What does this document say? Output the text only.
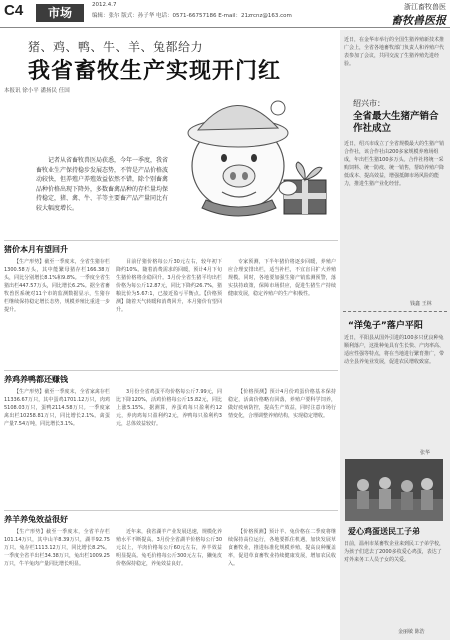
C4	市场
2012.4.7
编辑：张尔 版式：孙子华 电话：0571-66757186 E-mail：21zrcnz@163.com
浙江畜牧兽医
畜牧兽医报
猪、鸡、鸭、牛、羊、兔都给力
我省畜牧生产实现开门红
本报讯 徐小平 潘扬民 任国
记者从省畜牧兽医局获悉，今年一季度，我省畜牧业生产保持稳步发展态势，不管是产品价格波动较快，但养殖户养殖效益依然不错，除个别畜禽品种价格出现下降外，多数畜禽品种的存栏量均保持稳定，猪、禽、牛、羊等主要畜产品产量同比有较大幅度增长。
猪价本月有望回升
【生产形势】截至一季度末，全省生猪存栏1300.58万头，其中能繁母猪存栏166.38万头，同比分别增长8.1%和9.8%。一季度全省生猪出栏447.57万头，同比增长6.2%。据全省畜牧兽医系统对11个市的监测数据显示，生猪存栏继续保持稳定增长态势，规模养殖比重进一步提升。
目前仔猪价格每公斤30元左右，较年初下降约10%。随着消费需求的回暖，预计4月下旬生猪价格将企稳回升。3月份全省生猪平均出栏价格为每公斤12.87元，同比下降约26.7%，猪粮比价为5.67:1，已接近盈亏平衡点。【价格预测】随着天气转暖和消费回升，本月猪价有望回升。
专家预测，下半年猪价将逐步回暖，养殖户应合理安排出栏，适当补栏，不宜盲目扩大养殖规模。同时，各地要加强生猪产销监测预警，落实扶持政策，保障市场供应，促进生猪生产持续健康发展，稳定养殖户的生产积极性。
养鸡养鸭都还赚钱
【生产形势】截至一季度末，全省家禽存栏11336.67万只，其中蛋鸡1701.12万只，肉鸡5108.03万只，蛋鸭2114.58万只。一季度家禽出栏10258.81万只，同比增长2.1%。禽蛋产量7.54万吨，同比增长3.1%。
3月份全省鸡蛋平均价格每公斤7.99元，同比下降120%，活鸡价格每公斤15.82元，同比上涨5.15%。据测算，养蛋鸡每只盈利约12元，养肉鸡每只盈利约2元，养鸭每只盈利约3元，总体效益较好。
【价格预测】预计4月份鸡蛋价格基本保持稳定，活禽价格略有回落，养殖户要科学饲养，做好疫病防控，提高生产效益，同时注意市场行情变化，合理调整养殖结构，实现稳定增收。
养羊养兔效益很好
【生产形势】截至一季度末，全省羊存栏101.14万只，其中山羊8.39万只，湖羊92.75万只。兔存栏1113.12万只，同比增长8.2%。一季度全省羊出栏34.38万只，兔出栏1009.25万只，牛羊兔肉产量同比增长明显。
近年来，我省湖羊产业发展迅速，规模化养殖水平不断提高。3月份全省湖羊价格每公斤30元以上，羊肉价格每公斤60元左右，养羊效益明显提高。兔毛价格每公斤300元左右，獭兔皮价格保持稳定，养兔效益良好。
【价格预测】预计羊、兔价格在二季度将继续保持高位运行，各地要抓住机遇，加快发展草食畜牧业，推进标准化规模养殖，提高良种覆盖率，促进草食畜牧业持续健康发展，增加农民收入。
近日，在金华市举行的全国生猪养殖新技术推广会上，全省各地畜牧部门负责人和养殖户代表参加了会议，共同交流了生猪养殖先进经验。
绍兴市：
全省最大生猪产销合作社成立
近日，绍兴市成立了全省规模最大的生猪产销合作社，该合作社由200多家规模养殖场组成，年出栏生猪100多万头。合作社将统一采购饲料、统一防疫、统一销售，帮助养殖户降低成本、提高效益，增强抵御市场风险的能力，推进生猪产业化经营。
钱鑫 王林
“洋兔子”落户平阳
近日，平阳县从国外引进的100多只优良种兔顺利落户，这批种兔具有生长快、产肉率高、适应性强等特点，将在当地进行繁育推广，带动全县养兔业发展，促进农民增收致富。
张华
爱心鸡蛋送民工子弟
日前，温州市某畜牧企业来到民工子弟学校，为孩子们送去了2000多枚爱心鸡蛋，表达了对外来务工人员子女的关爱。
金丽敏 陈浩
